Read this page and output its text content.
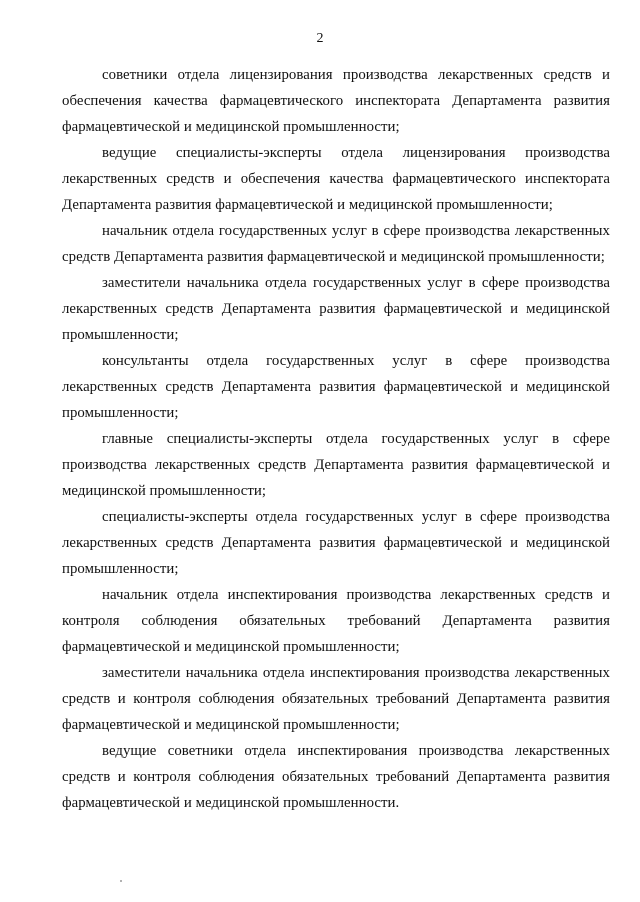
2

советники отдела лицензирования производства лекарственных средств и обеспечения качества фармацевтического инспектората Департамента развития фармацевтической и медицинской промышленности;

ведущие специалисты-эксперты отдела лицензирования производства лекарственных средств и обеспечения качества фармацевтического инспектората Департамента развития фармацевтической и медицинской промышленности;

начальник отдела государственных услуг в сфере производства лекарственных средств Департамента развития фармацевтической и медицинской промышленности;

заместители начальника отдела государственных услуг в сфере производства лекарственных средств Департамента развития фармацевтической и медицинской промышленности;

консультанты отдела государственных услуг в сфере производства лекарственных средств Департамента развития фармацевтической и медицинской промышленности;

главные специалисты-эксперты отдела государственных услуг в сфере производства лекарственных средств Департамента развития фармацевтической и медицинской промышленности;

специалисты-эксперты отдела государственных услуг в сфере производства лекарственных средств Департамента развития фармацевтической и медицинской промышленности;

начальник отдела инспектирования производства лекарственных средств и контроля соблюдения обязательных требований Департамента развития фармацевтической и медицинской промышленности;

заместители начальника отдела инспектирования производства лекарственных средств и контроля соблюдения обязательных требований Департамента развития фармацевтической и медицинской промышленности;

ведущие советники отдела инспектирования производства лекарственных средств и контроля соблюдения обязательных требований Департамента развития фармацевтической и медицинской промышленности.
